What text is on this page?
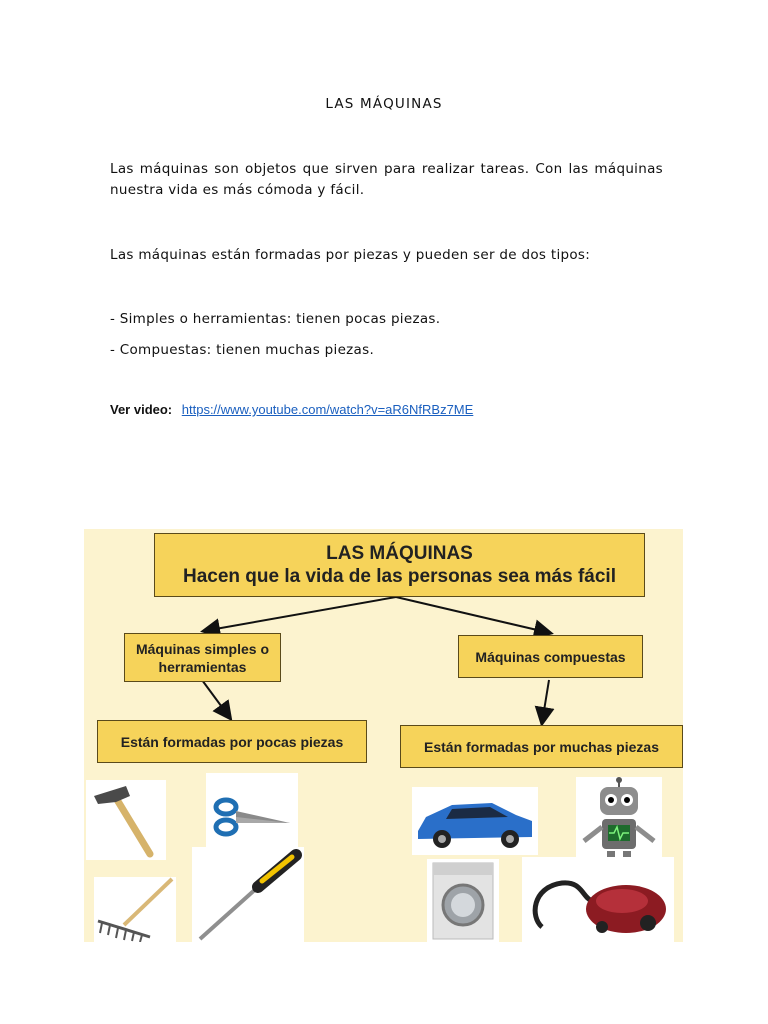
LAS MÁQUINAS
Las máquinas son objetos que sirven para realizar tareas. Con las máquinas nuestra vida es más cómoda y fácil.
Las máquinas están formadas por piezas y pueden ser de dos tipos:
- Simples o herramientas: tienen pocas piezas.
- Compuestas: tienen muchas piezas.
Ver video: https://www.youtube.com/watch?v=aR6NfRBz7ME
LAS MÁQUINAS
Hacen que la vida de las personas sea más fácil
Máquinas simples o herramientas
Máquinas compuestas
Están formadas por pocas piezas	Están formadas por muchas piezas
